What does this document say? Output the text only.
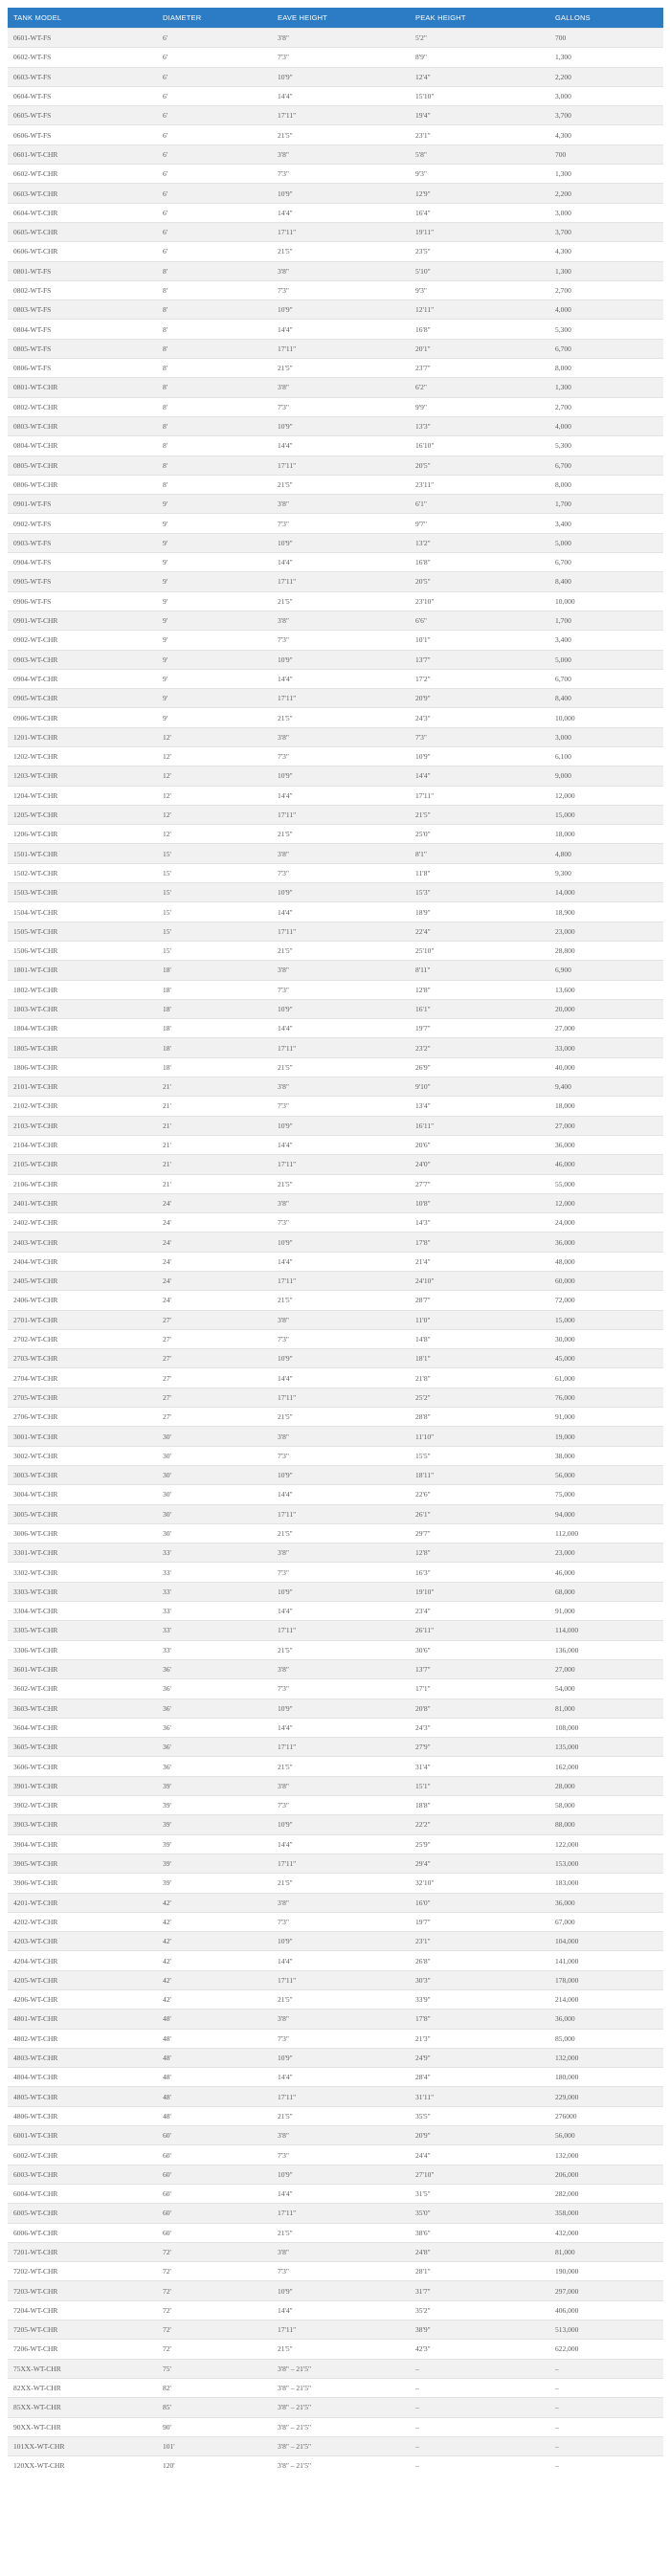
TANK MODEL	DIAMETER	EAVE HEIGHT	PEAK HEIGHT	GALLONS
0601-WT-FS	6'	3'8"	5'2"	700
0602-WT-FS	6'	7'3"	8'9"	1,300
0603-WT-FS	6'	10'9"	12'4"	2,200
0604-WT-FS	6'	14'4"	15'10"	3,000
0605-WT-FS	6'	17'11"	19'4"	3,700
0606-WT-FS	6'	21'5"	23'1"	4,300
0601-WT-CHR	6'	3'8"	5'8"	700
0602-WT-CHR	6'	7'3"	9'3"	1,300
0603-WT-CHR	6'	10'9"	12'9"	2,200
0604-WT-CHR	6'	14'4"	16'4"	3,000
0605-WT-CHR	6'	17'11"	19'11"	3,700
0606-WT-CHR	6'	21'5"	23'5"	4,300
0801-WT-FS	8'	3'8"	5'10"	1,300
0802-WT-FS	8'	7'3"	9'3"	2,700
0803-WT-FS	8'	10'9"	12'11"	4,000
0804-WT-FS	8'	14'4"	16'8"	5,300
0805-WT-FS	8'	17'11"	20'1"	6,700
0806-WT-FS	8'	21'5"	23'7"	8,000
0801-WT-CHR	8'	3'8"	6'2"	1,300
0802-WT-CHR	8'	7'3"	9'9"	2,700
0803-WT-CHR	8'	10'9"	13'3"	4,000
0804-WT-CHR	8'	14'4"	16'10"	5,300
0805-WT-CHR	8'	17'11"	20'5"	6,700
0806-WT-CHR	8'	21'5"	23'11"	8,000
0901-WT-FS	9'	3'8"	6'1"	1,700
0902-WT-FS	9'	7'3"	9'7"	3,400
0903-WT-FS	9'	10'9"	13'2"	5,000
0904-WT-FS	9'	14'4"	16'8"	6,700
0905-WT-FS	9'	17'11"	20'5"	8,400
0906-WT-FS	9'	21'5"	23'10"	10,000
0901-WT-CHR	9'	3'8"	6'6"	1,700
0902-WT-CHR	9'	7'3"	10'1"	3,400
0903-WT-CHR	9'	10'9"	13'7"	5,000
0904-WT-CHR	9'	14'4"	17'2"	6,700
0905-WT-CHR	9'	17'11"	20'9"	8,400
0906-WT-CHR	9'	21'5"	24'3"	10,000
1201-WT-CHR	12'	3'8"	7'3"	3,000
1202-WT-CHR	12'	7'3"	10'9"	6,100
1203-WT-CHR	12'	10'9"	14'4"	9,000
1204-WT-CHR	12'	14'4"	17'11"	12,000
1205-WT-CHR	12'	17'11"	21'5"	15,000
1206-WT-CHR	12'	21'5"	25'0"	18,000
1501-WT-CHR	15'	3'8"	8'1"	4,800
1502-WT-CHR	15'	7'3"	11'8"	9,300
1503-WT-CHR	15'	10'9"	15'3"	14,000
1504-WT-CHR	15'	14'4"	18'9"	18,900
1505-WT-CHR	15'	17'11"	22'4"	23,000
1506-WT-CHR	15'	21'5"	25'10"	28,800
1801-WT-CHR	18'	3'8"	8'11"	6,900
1802-WT-CHR	18'	7'3"	12'8"	13,600
1803-WT-CHR	18'	10'9"	16'1"	20,000
1804-WT-CHR	18'	14'4"	19'7"	27,000
1805-WT-CHR	18'	17'11"	23'2"	33,000
1806-WT-CHR	18'	21'5"	26'9"	40,000
2101-WT-CHR	21'	3'8"	9'10"	9,400
2102-WT-CHR	21'	7'3"	13'4"	18,000
2103-WT-CHR	21'	10'9"	16'11"	27,000
2104-WT-CHR	21'	14'4"	20'6"	36,000
2105-WT-CHR	21'	17'11"	24'0"	46,000
2106-WT-CHR	21'	21'5"	27'7"	55,000
2401-WT-CHR	24'	3'8"	10'8"	12,000
2402-WT-CHR	24'	7'3"	14'3"	24,000
2403-WT-CHR	24'	10'9"	17'8"	36,000
2404-WT-CHR	24'	14'4"	21'4"	48,000
2405-WT-CHR	24'	17'11"	24'10"	60,000
2406-WT-CHR	24'	21'5"	28'7"	72,000
2701-WT-CHR	27'	3'8"	11'0"	15,000
2702-WT-CHR	27'	7'3"	14'8"	30,000
2703-WT-CHR	27'	10'9"	18'1"	45,000
2704-WT-CHR	27'	14'4"	21'8"	61,000
2705-WT-CHR	27'	17'11"	25'2"	76,000
2706-WT-CHR	27'	21'5"	28'8"	91,000
3001-WT-CHR	30'	3'8"	11'10"	19,000
3002-WT-CHR	30'	7'3"	15'5"	38,000
3003-WT-CHR	30'	10'9"	18'11"	56,000
3004-WT-CHR	30'	14'4"	22'6"	75,000
3005-WT-CHR	30'	17'11"	26'1"	94,000
3006-WT-CHR	30'	21'5"	29'7"	112,000
3301-WT-CHR	33'	3'8"	12'8"	23,000
3302-WT-CHR	33'	7'3"	16'3"	46,000
3303-WT-CHR	33'	10'9"	19'10"	68,000
3304-WT-CHR	33'	14'4"	23'4"	91,000
3305-WT-CHR	33'	17'11"	26'11"	114,000
3306-WT-CHR	33'	21'5"	30'6"	136,000
3601-WT-CHR	36'	3'8"	13'7"	27,000
3602-WT-CHR	36'	7'3"	17'1"	54,000
3603-WT-CHR	36'	10'9"	20'8"	81,000
3604-WT-CHR	36'	14'4"	24'3"	108,000
3605-WT-CHR	36'	17'11"	27'9"	135,000
3606-WT-CHR	36'	21'5"	31'4"	162,000
3901-WT-CHR	39'	3'8"	15'1"	28,000
3902-WT-CHR	39'	7'3"	18'8"	58,000
3903-WT-CHR	39'	10'9"	22'2"	88,000
3904-WT-CHR	39'	14'4"	25'9"	122,000
3905-WT-CHR	39'	17'11"	29'4"	153,000
3906-WT-CHR	39'	21'5"	32'10"	183,000
4201-WT-CHR	42'	3'8"	16'0"	36,000
4202-WT-CHR	42'	7'3"	19'7"	67,000
4203-WT-CHR	42'	10'9"	23'1"	104,000
4204-WT-CHR	42'	14'4"	26'8"	141,000
4205-WT-CHR	42'	17'11"	30'3"	178,000
4206-WT-CHR	42'	21'5"	33'9"	214,000
4801-WT-CHR	48'	3'8"	17'8"	36,000
4802-WT-CHR	48'	7'3"	21'3"	85,000
4803-WT-CHR	48'	10'9"	24'9"	132,000
4804-WT-CHR	48'	14'4"	28'4"	180,000
4805-WT-CHR	48'	17'11"	31'11"	229,000
4806-WT-CHR	48'	21'5"	35'5"	276000
6001-WT-CHR	60'	3'8"	20'9"	56,000
6002-WT-CHR	60'	7'3"	24'4"	132,000
6003-WT-CHR	60'	10'9"	27'10"	206,000
6004-WT-CHR	60'	14'4"	31'5"	282,000
6005-WT-CHR	60'	17'11"	35'0"	358,000
6006-WT-CHR	60'	21'5"	38'6"	432,000
7201-WT-CHR	72'	3'8"	24'8"	81,000
7202-WT-CHR	72'	7'3"	28'1"	190,000
7203-WT-CHR	72'	10'9"	31'7"	297,000
7204-WT-CHR	72'	14'4"	35'2"	406,000
7205-WT-CHR	72'	17'11"	38'9"	513,000
7206-WT-CHR	72'	21'5"	42'3"	622,000
75XX-WT-CHR	75'	3'8" – 21'5"	–	–
82XX-WT-CHR	82'	3'8" – 21'5"	–	–
85XX-WT-CHR	85'	3'8" – 21'5"	–	–
90XX-WT-CHR	90'	3'8" – 21'5"	–	–
101XX-WT-CHR	101'	3'8" – 21'5"	–	–
120XX-WT-CHR	120'	3'8" – 21'5"	–	–
